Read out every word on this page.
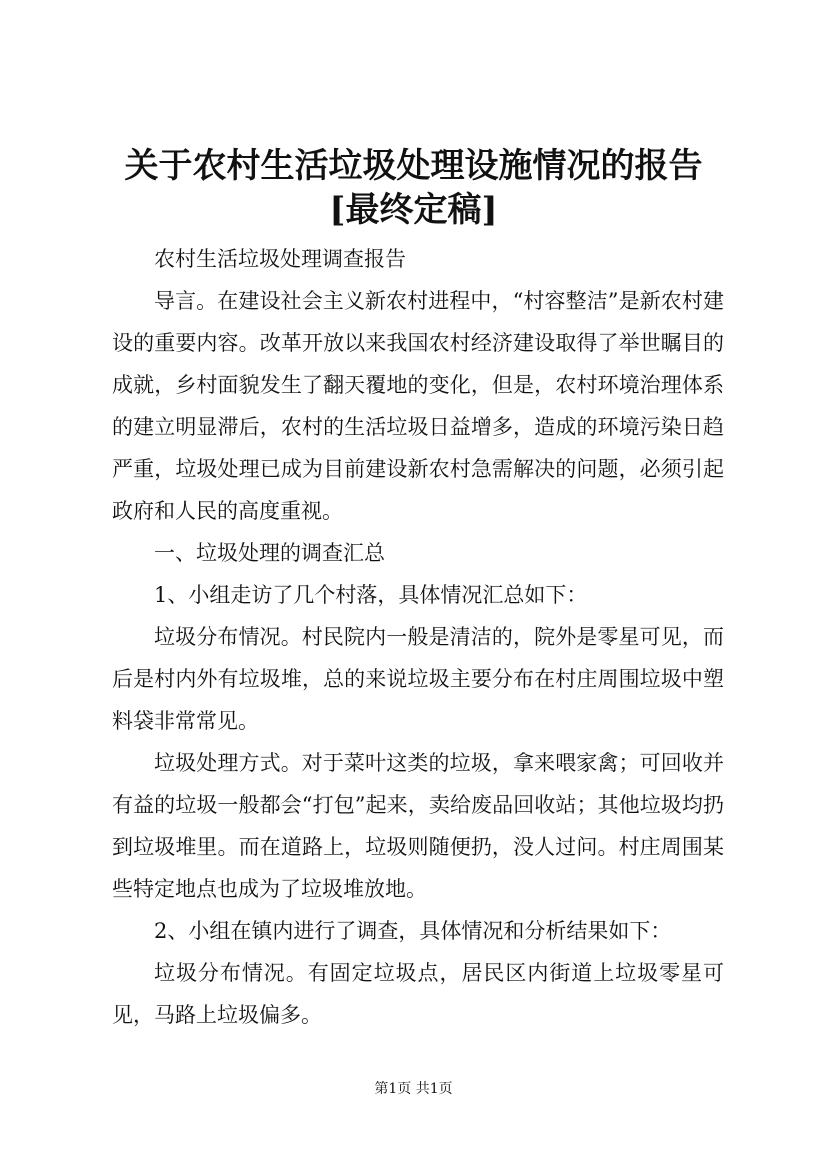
关于农村生活垃圾处理设施情况的报告[最终定稿]

农村生活垃圾处理调查报告

导言。在建设社会主义新农村进程中，“村容整洁”是新农村建设的重要内容。改革开放以来我国农村经济建设取得了举世瞩目的成就，乡村面貌发生了翻天覆地的变化，但是，农村环境治理体系的建立明显滞后，农村的生活垃圾日益增多，造成的环境污染日趋严重，垃圾处理已成为目前建设新农村急需解决的问题，必须引起政府和人民的高度重视。

一、垃圾处理的调查汇总

1、小组走访了几个村落，具体情况汇总如下：

垃圾分布情况。村民院内一般是清洁的，院外是零星可见，而后是村内外有垃圾堆，总的来说垃圾主要分布在村庄周围垃圾中塑料袋非常常见。

垃圾处理方式。对于菜叶这类的垃圾，拿来喂家禽；可回收并有益的垃圾一般都会“打包”起来，卖给废品回收站；其他垃圾均扔到垃圾堆里。而在道路上，垃圾则随便扔，没人过问。村庄周围某些特定地点也成为了垃圾堆放地。

2、小组在镇内进行了调查，具体情况和分析结果如下：

垃圾分布情况。有固定垃圾点，居民区内街道上垃圾零星可见，马路上垃圾偏多。

第1页 共1页
